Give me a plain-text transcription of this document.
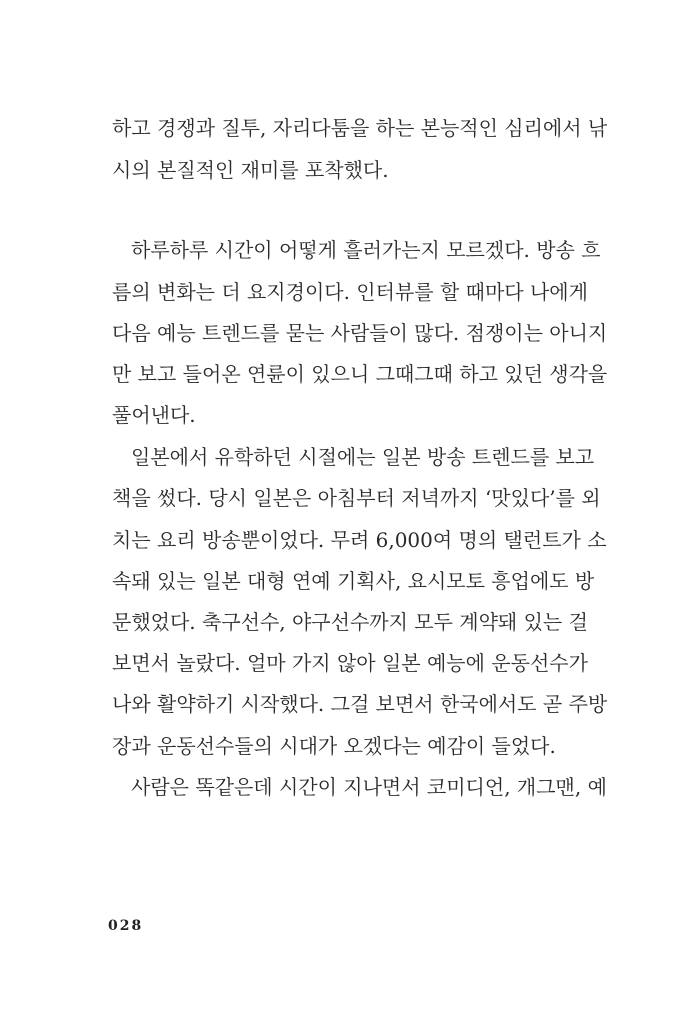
하고 경쟁과 질투, 자리다툼을 하는 본능적인 심리에서 낚
시의 본질적인 재미를 포착했다.
하루하루 시간이 어떻게 흘러가는지 모르겠다. 방송 흐
름의 변화는 더 요지경이다. 인터뷰를 할 때마다 나에게
다음 예능 트렌드를 묻는 사람들이 많다. 점쟁이는 아니지
만 보고 들어온 연륜이 있으니 그때그때 하고 있던 생각을
풀어낸다.
일본에서 유학하던 시절에는 일본 방송 트렌드를 보고
책을 썼다. 당시 일본은 아침부터 저녁까지 ‘맛있다’를 외
치는 요리 방송뿐이었다. 무려 6,000여 명의 탤런트가 소
속돼 있는 일본 대형 연예 기획사, 요시모토 흥업에도 방
문했었다. 축구선수, 야구선수까지 모두 계약돼 있는 걸
보면서 놀랐다. 얼마 가지 않아 일본 예능에 운동선수가
나와 활약하기 시작했다. 그걸 보면서 한국에서도 곧 주방
장과 운동선수들의 시대가 오겠다는 예감이 들었다.
사람은 똑같은데 시간이 지나면서 코미디언, 개그맨, 예
028
